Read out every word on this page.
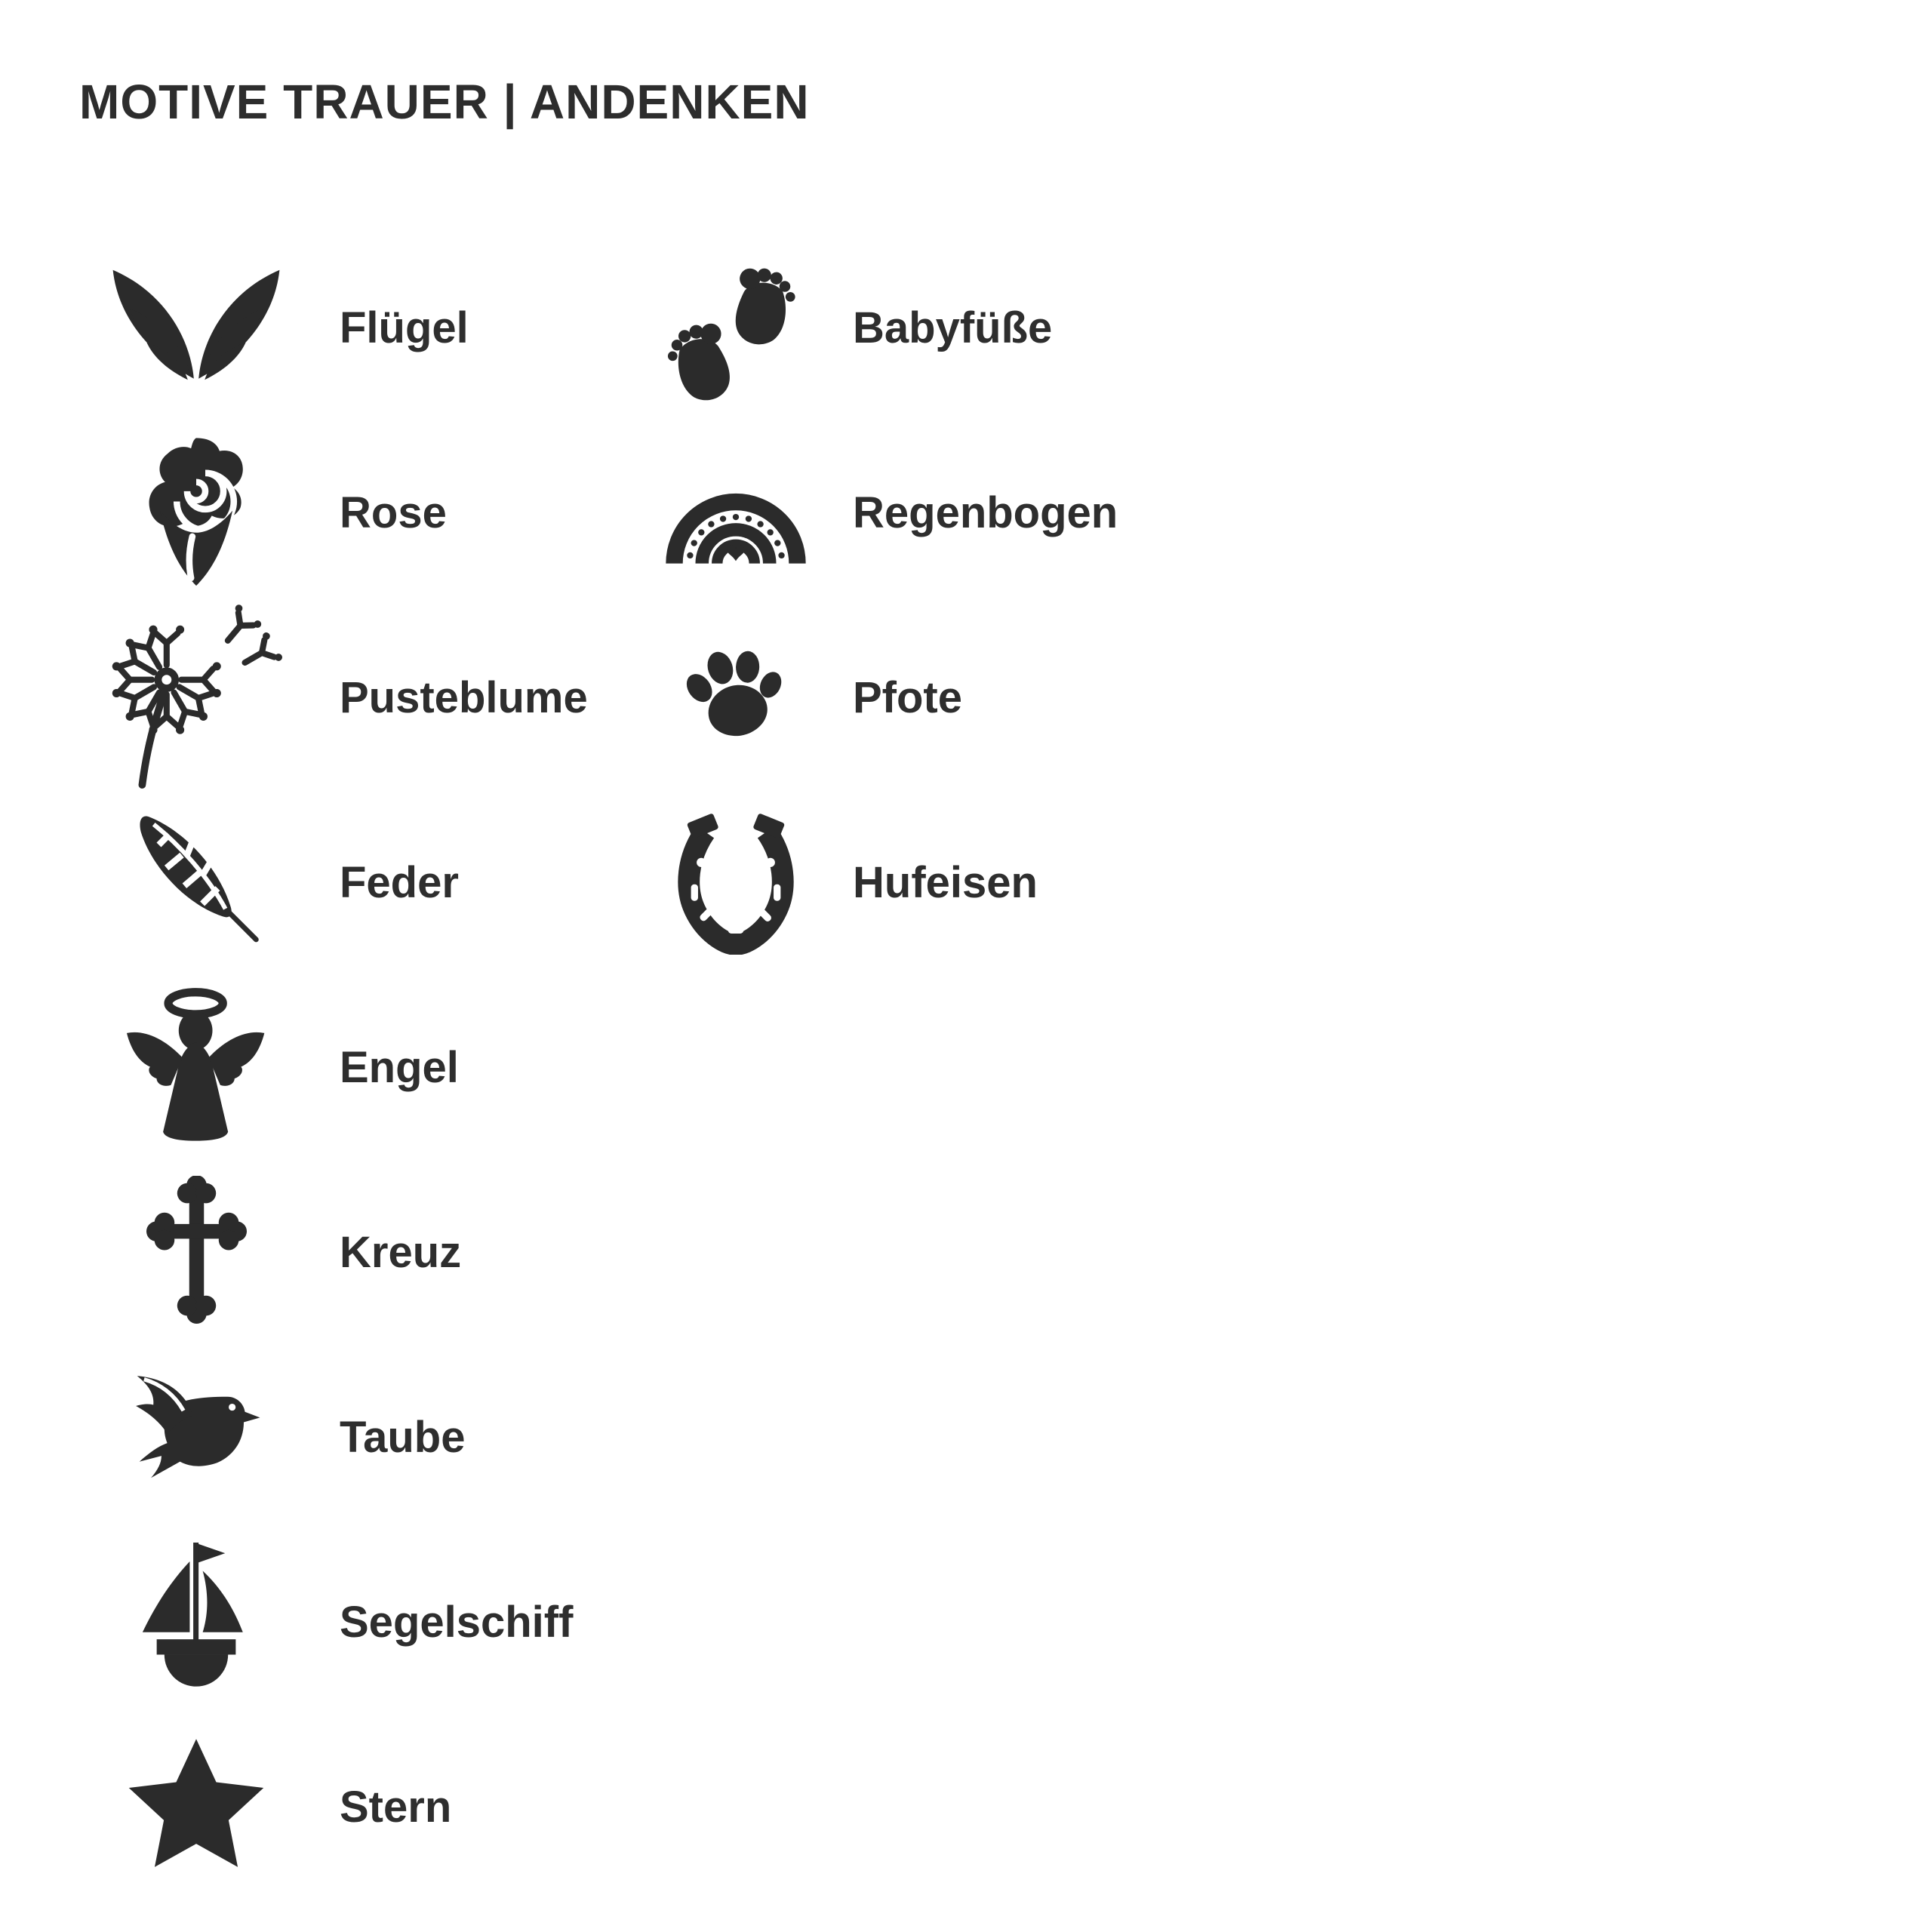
MOTIVE TRAUER | ANDENKEN
Flügel
Rose
Pusteblume
Feder
Engel
Kreuz
Taube
Segelschiff
Stern
Babyfüße
Regenbogen
Pfote
Hufeisen
